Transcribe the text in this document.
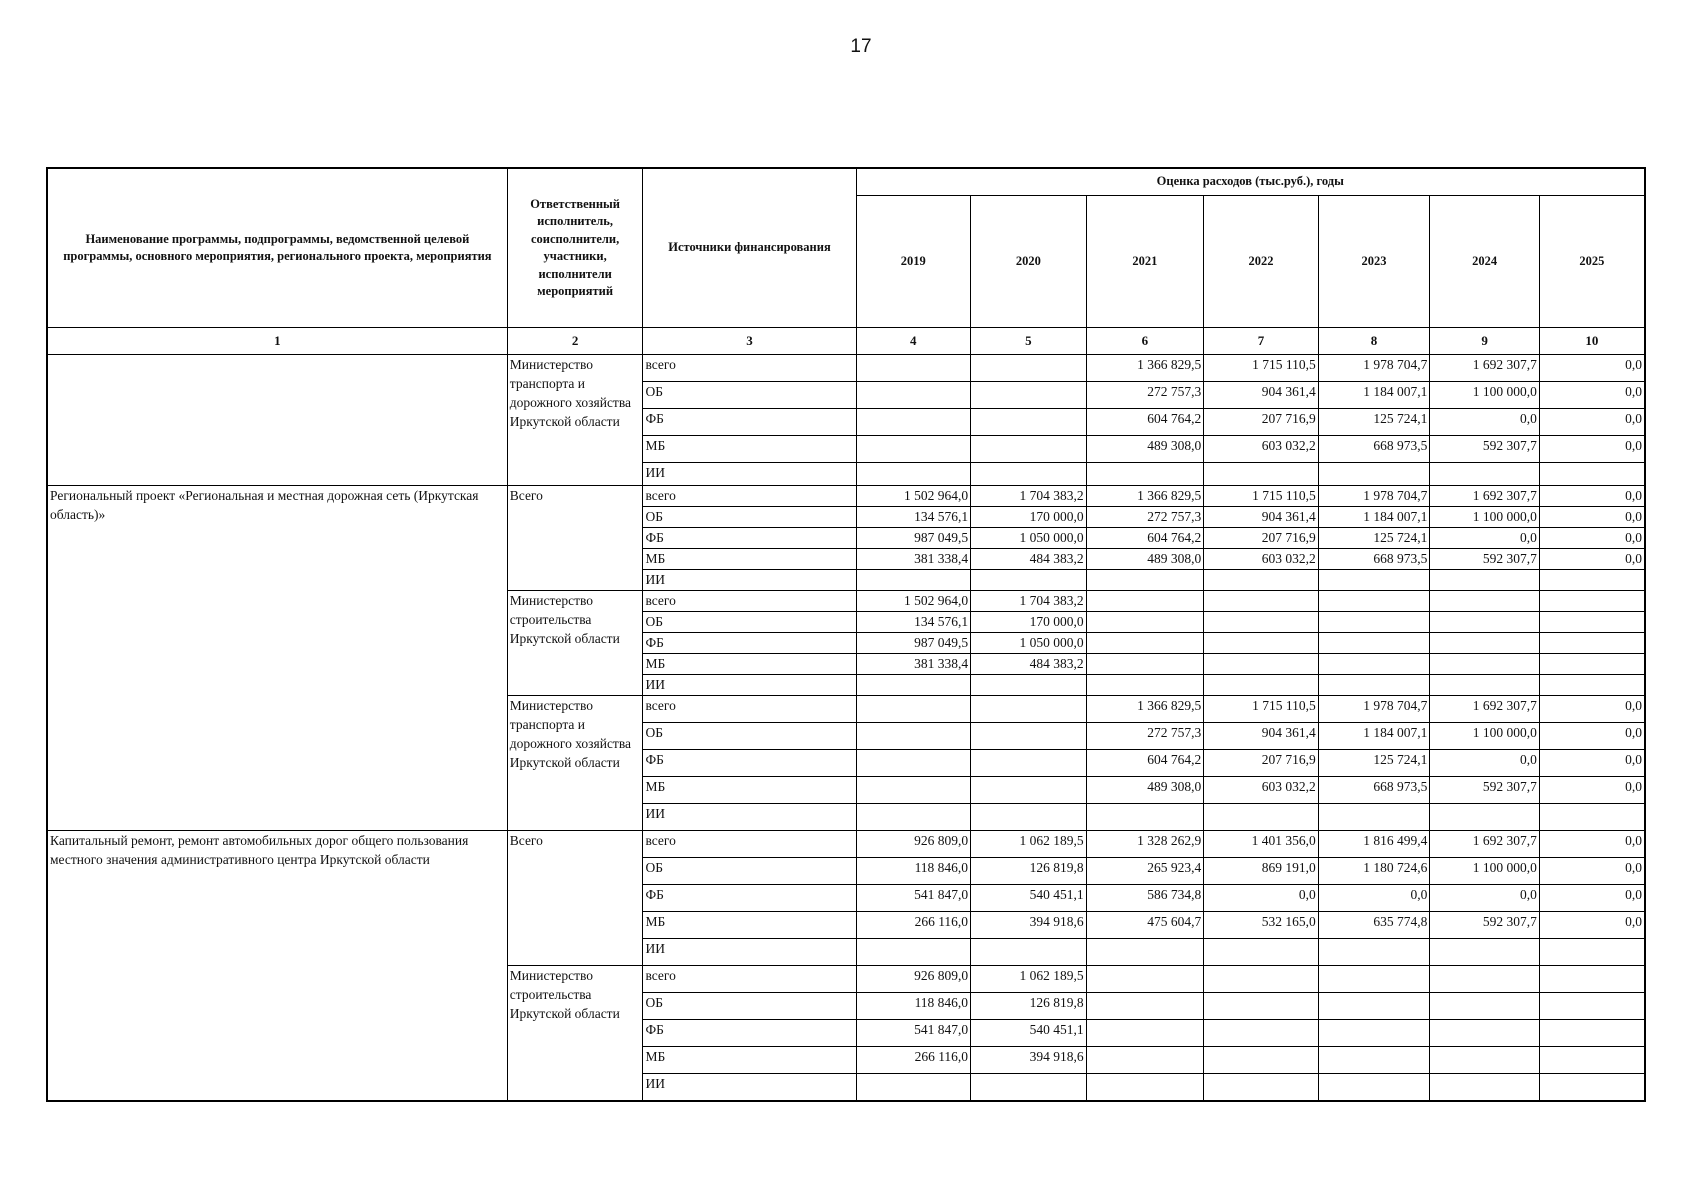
17
Наименование программы, подпрограммы, ведомственной целевой программы, основного мероприятия, регионального проекта, мероприятия	Ответственный исполнитель, соисполнители, участники, исполнители мероприятий	Источники финансирования	Оценка расходов (тыс.руб.), годы						
			2019	2020	2021	2022	2023	2024	2025
1	2	3	4	5	6	7	8	9	10
	Министерство транспорта и дорожного хозяйства Иркутской области	всего			1 366 829,5	1 715 110,5	1 978 704,7	1 692 307,7	0,0
		ОБ			272 757,3	904 361,4	1 184 007,1	1 100 000,0	0,0
		ФБ			604 764,2	207 716,9	125 724,1	0,0	0,0
		МБ			489 308,0	603 032,2	668 973,5	592 307,7	0,0
		ИИ							
Региональный проект «Региональная и местная дорожная сеть (Иркутская область)»	Всего	всего	1 502 964,0	1 704 383,2	1 366 829,5	1 715 110,5	1 978 704,7	1 692 307,7	0,0
		ОБ	134 576,1	170 000,0	272 757,3	904 361,4	1 184 007,1	1 100 000,0	0,0
		ФБ	987 049,5	1 050 000,0	604 764,2	207 716,9	125 724,1	0,0	0,0
		МБ	381 338,4	484 383,2	489 308,0	603 032,2	668 973,5	592 307,7	0,0
		ИИ							
	Министерство строительства Иркутской области	всего	1 502 964,0	1 704 383,2					
		ОБ	134 576,1	170 000,0					
		ФБ	987 049,5	1 050 000,0					
		МБ	381 338,4	484 383,2					
		ИИ							
	Министерство транспорта и дорожного хозяйства Иркутской области	всего			1 366 829,5	1 715 110,5	1 978 704,7	1 692 307,7	0,0
		ОБ			272 757,3	904 361,4	1 184 007,1	1 100 000,0	0,0
		ФБ			604 764,2	207 716,9	125 724,1	0,0	0,0
		МБ			489 308,0	603 032,2	668 973,5	592 307,7	0,0
		ИИ							
Капитальный ремонт, ремонт автомобильных дорог общего пользования местного значения административного центра Иркутской области	Всего	всего	926 809,0	1 062 189,5	1 328 262,9	1 401 356,0	1 816 499,4	1 692 307,7	0,0
		ОБ	118 846,0	126 819,8	265 923,4	869 191,0	1 180 724,6	1 100 000,0	0,0
		ФБ	541 847,0	540 451,1	586 734,8	0,0	0,0	0,0	0,0
		МБ	266 116,0	394 918,6	475 604,7	532 165,0	635 774,8	592 307,7	0,0
		ИИ							
	Министерство строительства Иркутской области	всего	926 809,0	1 062 189,5					
		ОБ	118 846,0	126 819,8					
		ФБ	541 847,0	540 451,1					
		МБ	266 116,0	394 918,6					
		ИИ							
